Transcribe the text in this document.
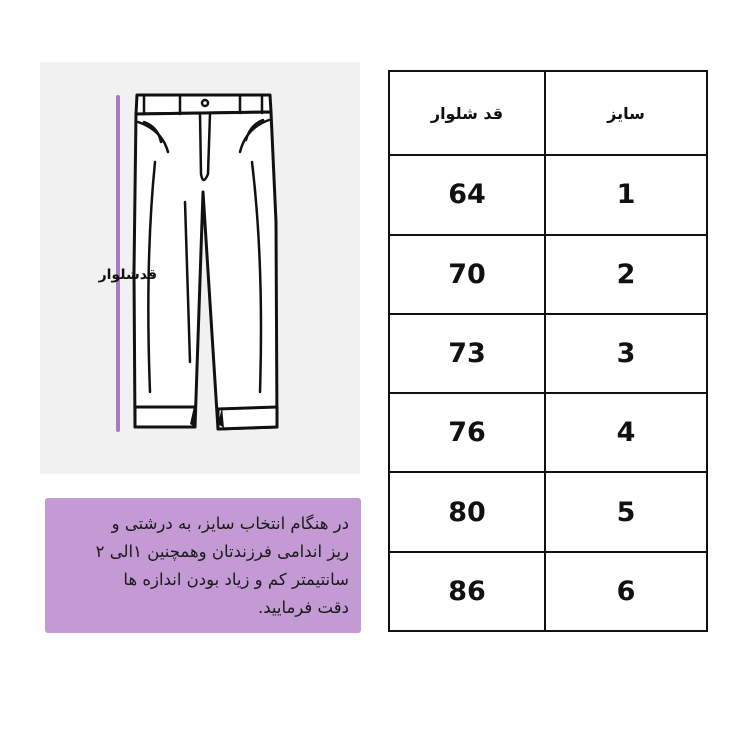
قدشلوار
در هنگام انتخاب سایز، به درشتی و
ریز اندامی فرزندتان وهمچنین ۱الی ۲
سانتیمتر کم و زیاد بودن اندازه ها
دقت فرمایید.
قد شلوار	سایز
64	1
70	2
73	3
76	4
80	5
86	6
